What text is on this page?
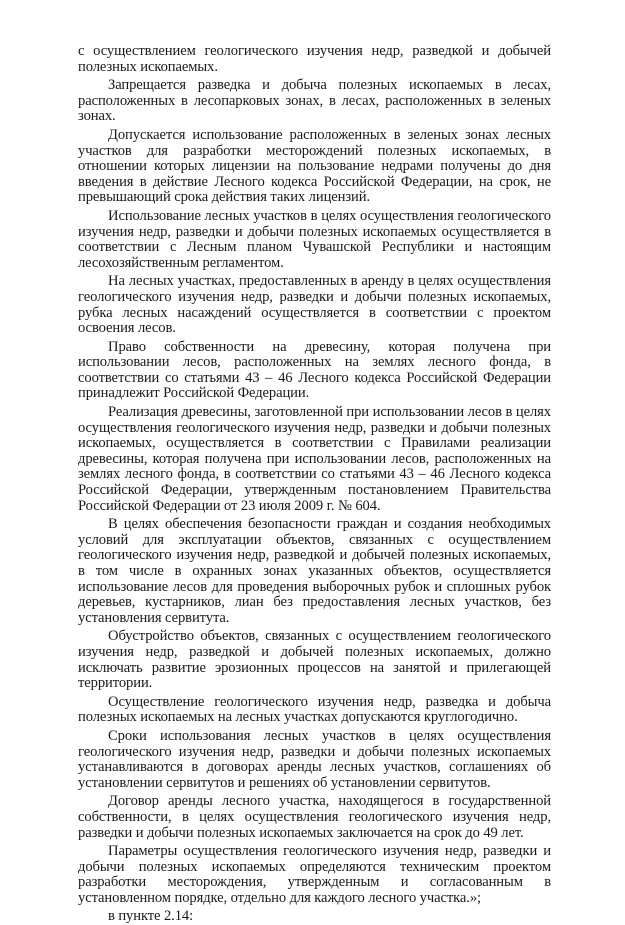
с осуществлением геологического изучения недр, разведкой и добычей полезных ископаемых.

Запрещается разведка и добыча полезных ископаемых в лесах, расположенных в лесопарковых зонах, в лесах, расположенных в зеленых зонах.

Допускается использование расположенных в зеленых зонах лесных участков для разработки месторождений полезных ископаемых, в отношении которых лицензии на пользование недрами получены до дня введения в действие Лесного кодекса Российской Федерации, на срок, не превышающий срока действия таких лицензий.

Использование лесных участков в целях осуществления геологического изучения недр, разведки и добычи полезных ископаемых осуществляется в соответствии с Лесным планом Чувашской Республики и настоящим лесохозяйственным регламентом.

На лесных участках, предоставленных в аренду в целях осуществления геологического изучения недр, разведки и добычи полезных ископаемых, рубка лесных насаждений осуществляется в соответствии с проектом освоения лесов.

Право собственности на древесину, которая получена при использовании лесов, расположенных на землях лесного фонда, в соответствии со статьями 43 – 46 Лесного кодекса Российской Федерации принадлежит Российской Федерации.

Реализация древесины, заготовленной при использовании лесов в целях осуществления геологического изучения недр, разведки и добычи полезных ископаемых, осуществляется в соответствии с Правилами реализации древесины, которая получена при использовании лесов, расположенных на землях лесного фонда, в соответствии со статьями 43 – 46 Лесного кодекса Российской Федерации, утвержденным постановлением Правительства Российской Федерации от 23 июля 2009 г. № 604.

В целях обеспечения безопасности граждан и создания необходимых условий для эксплуатации объектов, связанных с осуществлением геологического изучения недр, разведкой и добычей полезных ископаемых, в том числе в охранных зонах указанных объектов, осуществляется использование лесов для проведения выборочных рубок и сплошных рубок деревьев, кустарников, лиан без предоставления лесных участков, без установления сервитута.

Обустройство объектов, связанных с осуществлением геологического изучения недр, разведкой и добычей полезных ископаемых, должно исключать развитие эрозионных процессов на занятой и прилегающей территории.

Осуществление геологического изучения недр, разведка и добыча полезных ископаемых на лесных участках допускаются круглогодично.

Сроки использования лесных участков в целях осуществления геологического изучения недр, разведки и добычи полезных ископаемых устанавливаются в договорах аренды лесных участков, соглашениях об установлении сервитутов и решениях об установлении сервитутов.

Договор аренды лесного участка, находящегося в государственной собственности, в целях осуществления геологического изучения недр, разведки и добычи полезных ископаемых заключается на срок до 49 лет.

Параметры осуществления геологического изучения недр, разведки и добычи полезных ископаемых определяются техническим проектом разработки месторождения, утвержденным и согласованным в установленном порядке, отдельно для каждого лесного участка.»;

в пункте 2.14:
